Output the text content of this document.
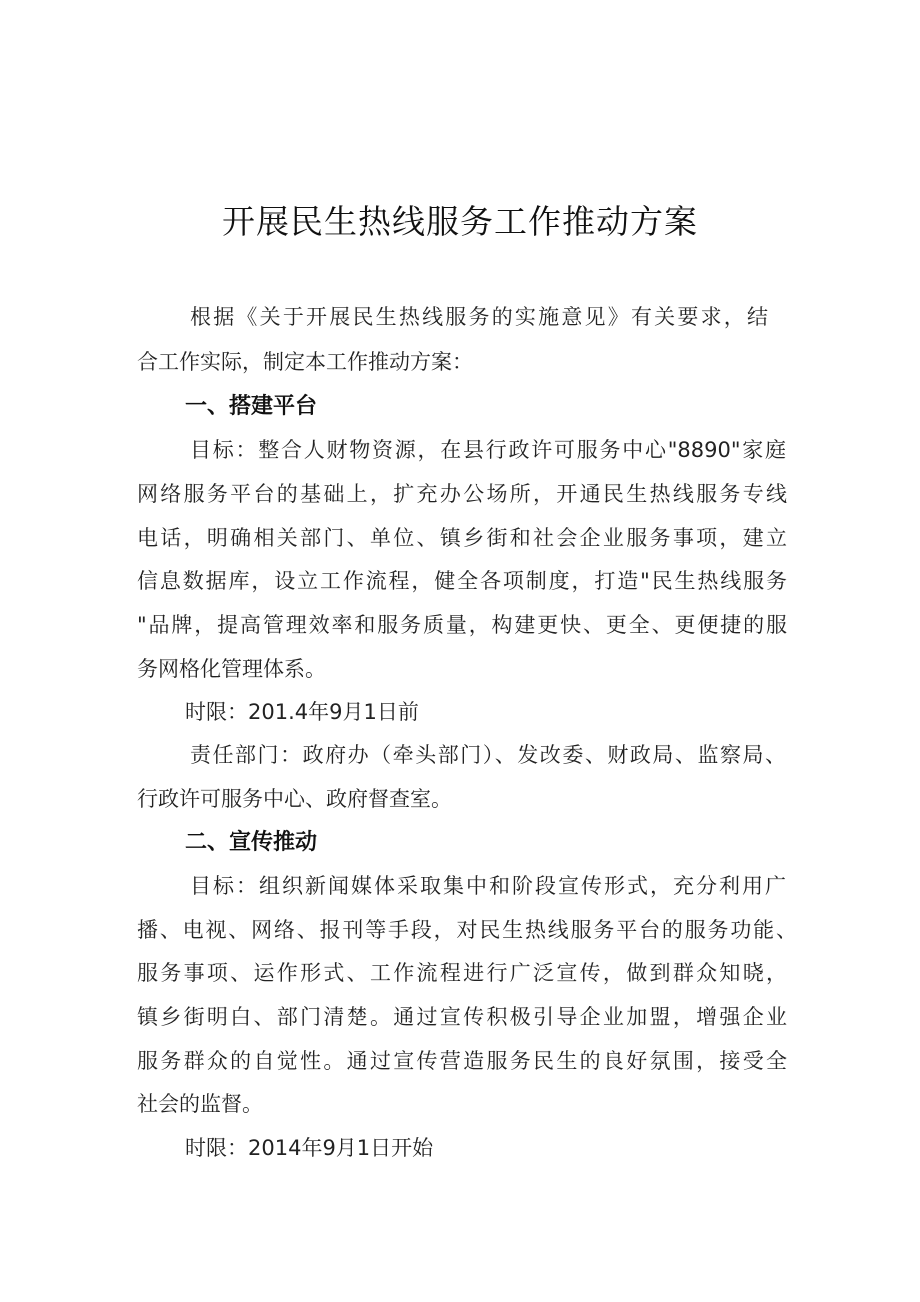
开展民生热线服务工作推动方案
根据《关于开展民生热线服务的实施意见》有关要求，结
合工作实际，制定本工作推动方案：
一、搭建平台
目标：整合人财物资源，在县行政许可服务中心"8890"家庭
网络服务平台的基础上，扩充办公场所，开通民生热线服务专线
电话，明确相关部门、单位、镇乡街和社会企业服务事项，建立
信息数据库，设立工作流程，健全各项制度，打造"民生热线服务
"品牌，提高管理效率和服务质量，构建更快、更全、更便捷的服
务网格化管理体系。
时限：201.4年9月1日前
责任部门：政府办（牵头部门）、发改委、财政局、监察局、
行政许可服务中心、政府督查室。
二、宣传推动
目标：组织新闻媒体采取集中和阶段宣传形式，充分利用广
播、电视、网络、报刊等手段，对民生热线服务平台的服务功能、
服务事项、运作形式、工作流程进行广泛宣传，做到群众知晓，
镇乡街明白、部门清楚。通过宣传积极引导企业加盟，增强企业
服务群众的自觉性。通过宣传营造服务民生的良好氛围，接受全
社会的监督。
时限：2014年9月1日开始
